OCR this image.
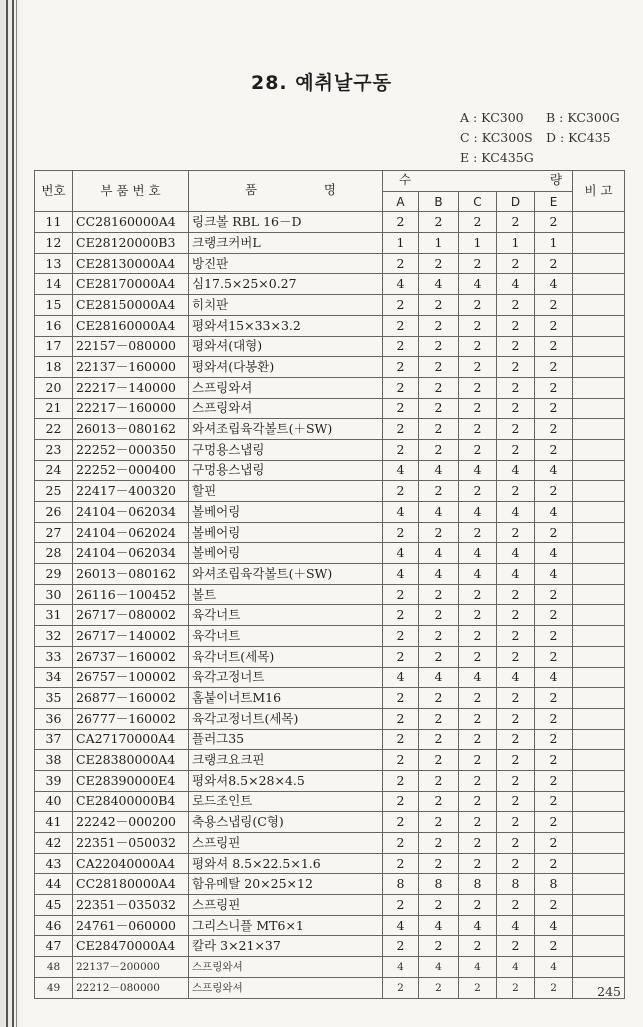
28. 예취날구동
A : KC300 B : KC300G
C : KC300S D : KC435
E : KC435G
번호	부 품 번 호	품 명	수 량					비 고
			A	B	C	D	E	
11	CC28160000A4	링크볼 RBL 16－D	2	2	2	2	2	
12	CE28120000B3	크랭크커버L	1	1	1	1	1	
13	CE28130000A4	방진판	2	2	2	2	2	
14	CE28170000A4	심17.5×25×0.27	4	4	4	4	4	
15	CE28150000A4	히치판	2	2	2	2	2	
16	CE28160000A4	평와셔15×33×3.2	2	2	2	2	2	
17	22157－080000	평와셔(대형)	2	2	2	2	2	
18	22137－160000	평와셔(다봉환)	2	2	2	2	2	
20	22217－140000	스프링와셔	2	2	2	2	2	
21	22217－160000	스프링와셔	2	2	2	2	2	
22	26013－080162	와셔조립육각볼트(＋SW)	2	2	2	2	2	
23	22252－000350	구멍용스냅링	2	2	2	2	2	
24	22252－000400	구멍용스냅링	4	4	4	4	4	
25	22417－400320	할핀	2	2	2	2	2	
26	24104－062034	볼베어링	4	4	4	4	4	
27	24104－062024	볼베어링	2	2	2	2	2	
28	24104－062034	볼베어링	4	4	4	4	4	
29	26013－080162	와셔조립육각볼트(＋SW)	4	4	4	4	4	
30	26116－100452	볼트	2	2	2	2	2	
31	26717－080002	육각너트	2	2	2	2	2	
32	26717－140002	육각너트	2	2	2	2	2	
33	26737－160002	육각너트(세목)	2	2	2	2	2	
34	26757－100002	육각고정너트	4	4	4	4	4	
35	26877－160002	홈붙이너트M16	2	2	2	2	2	
36	26777－160002	육각고정너트(세목)	2	2	2	2	2	
37	CA27170000A4	플러그35	2	2	2	2	2	
38	CE28380000A4	크랭크요크핀	2	2	2	2	2	
39	CE28390000E4	평와셔8.5×28×4.5	2	2	2	2	2	
40	CE28400000B4	로드조인트	2	2	2	2	2	
41	22242－000200	축용스냅링(C형)	2	2	2	2	2	
42	22351－050032	스프링핀	2	2	2	2	2	
43	CA22040000A4	평와셔 8.5×22.5×1.6	2	2	2	2	2	
44	CC28180000A4	함유메탈 20×25×12	8	8	8	8	8	
45	22351－035032	스프링핀	2	2	2	2	2	
46	24761－060000	그리스니플 MT6×1	4	4	4	4	4	
47	CE28470000A4	칼라 3×21×37	2	2	2	2	2	
48	22137－200000	스프링와셔	4	4	4	4	4	
49	22212－080000	스프링와셔	2	2	2	2	2		245
